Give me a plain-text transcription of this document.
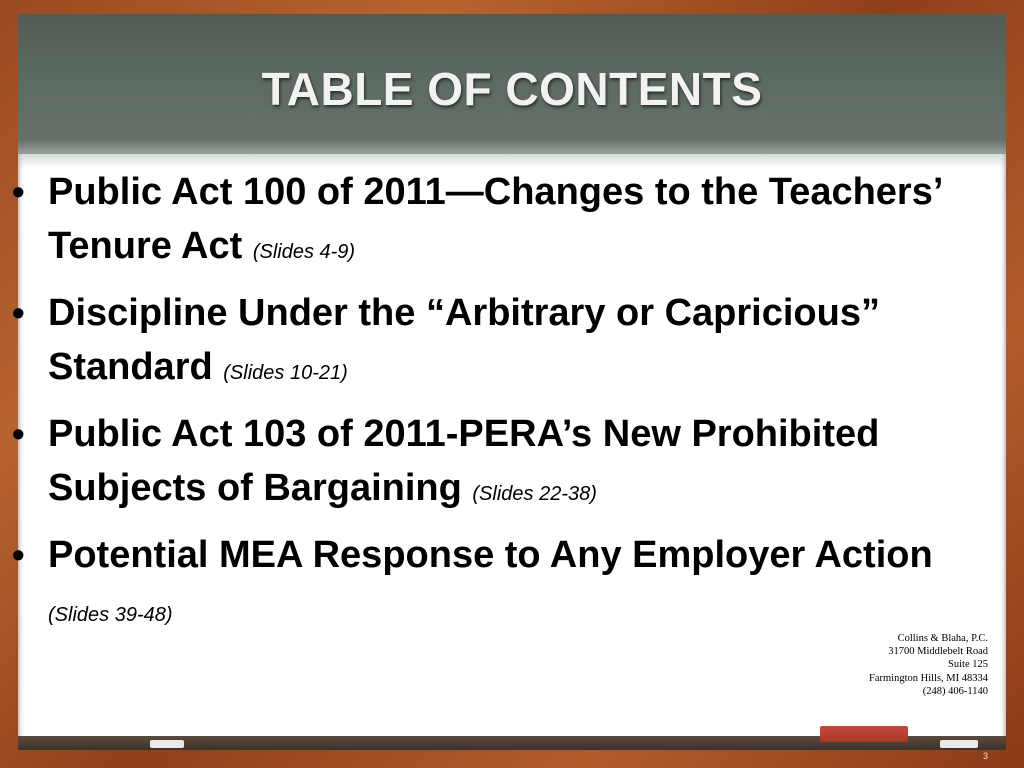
TABLE OF CONTENTS
• Public Act 100 of 2011—Changes to the Teachers’ Tenure Act (Slides 4-9)
• Discipline Under the “Arbitrary or Capricious” Standard (Slides 10-21)
• Public Act 103 of 2011-PERA’s New Prohibited Subjects of Bargaining (Slides 22-38)
• Potential MEA Response to Any Employer Action (Slides 39-48)
Collins & Blaha, P.C.
31700 Middlebelt Road
Suite 125
Farmington Hills, MI 48334
(248) 406-1140
3
